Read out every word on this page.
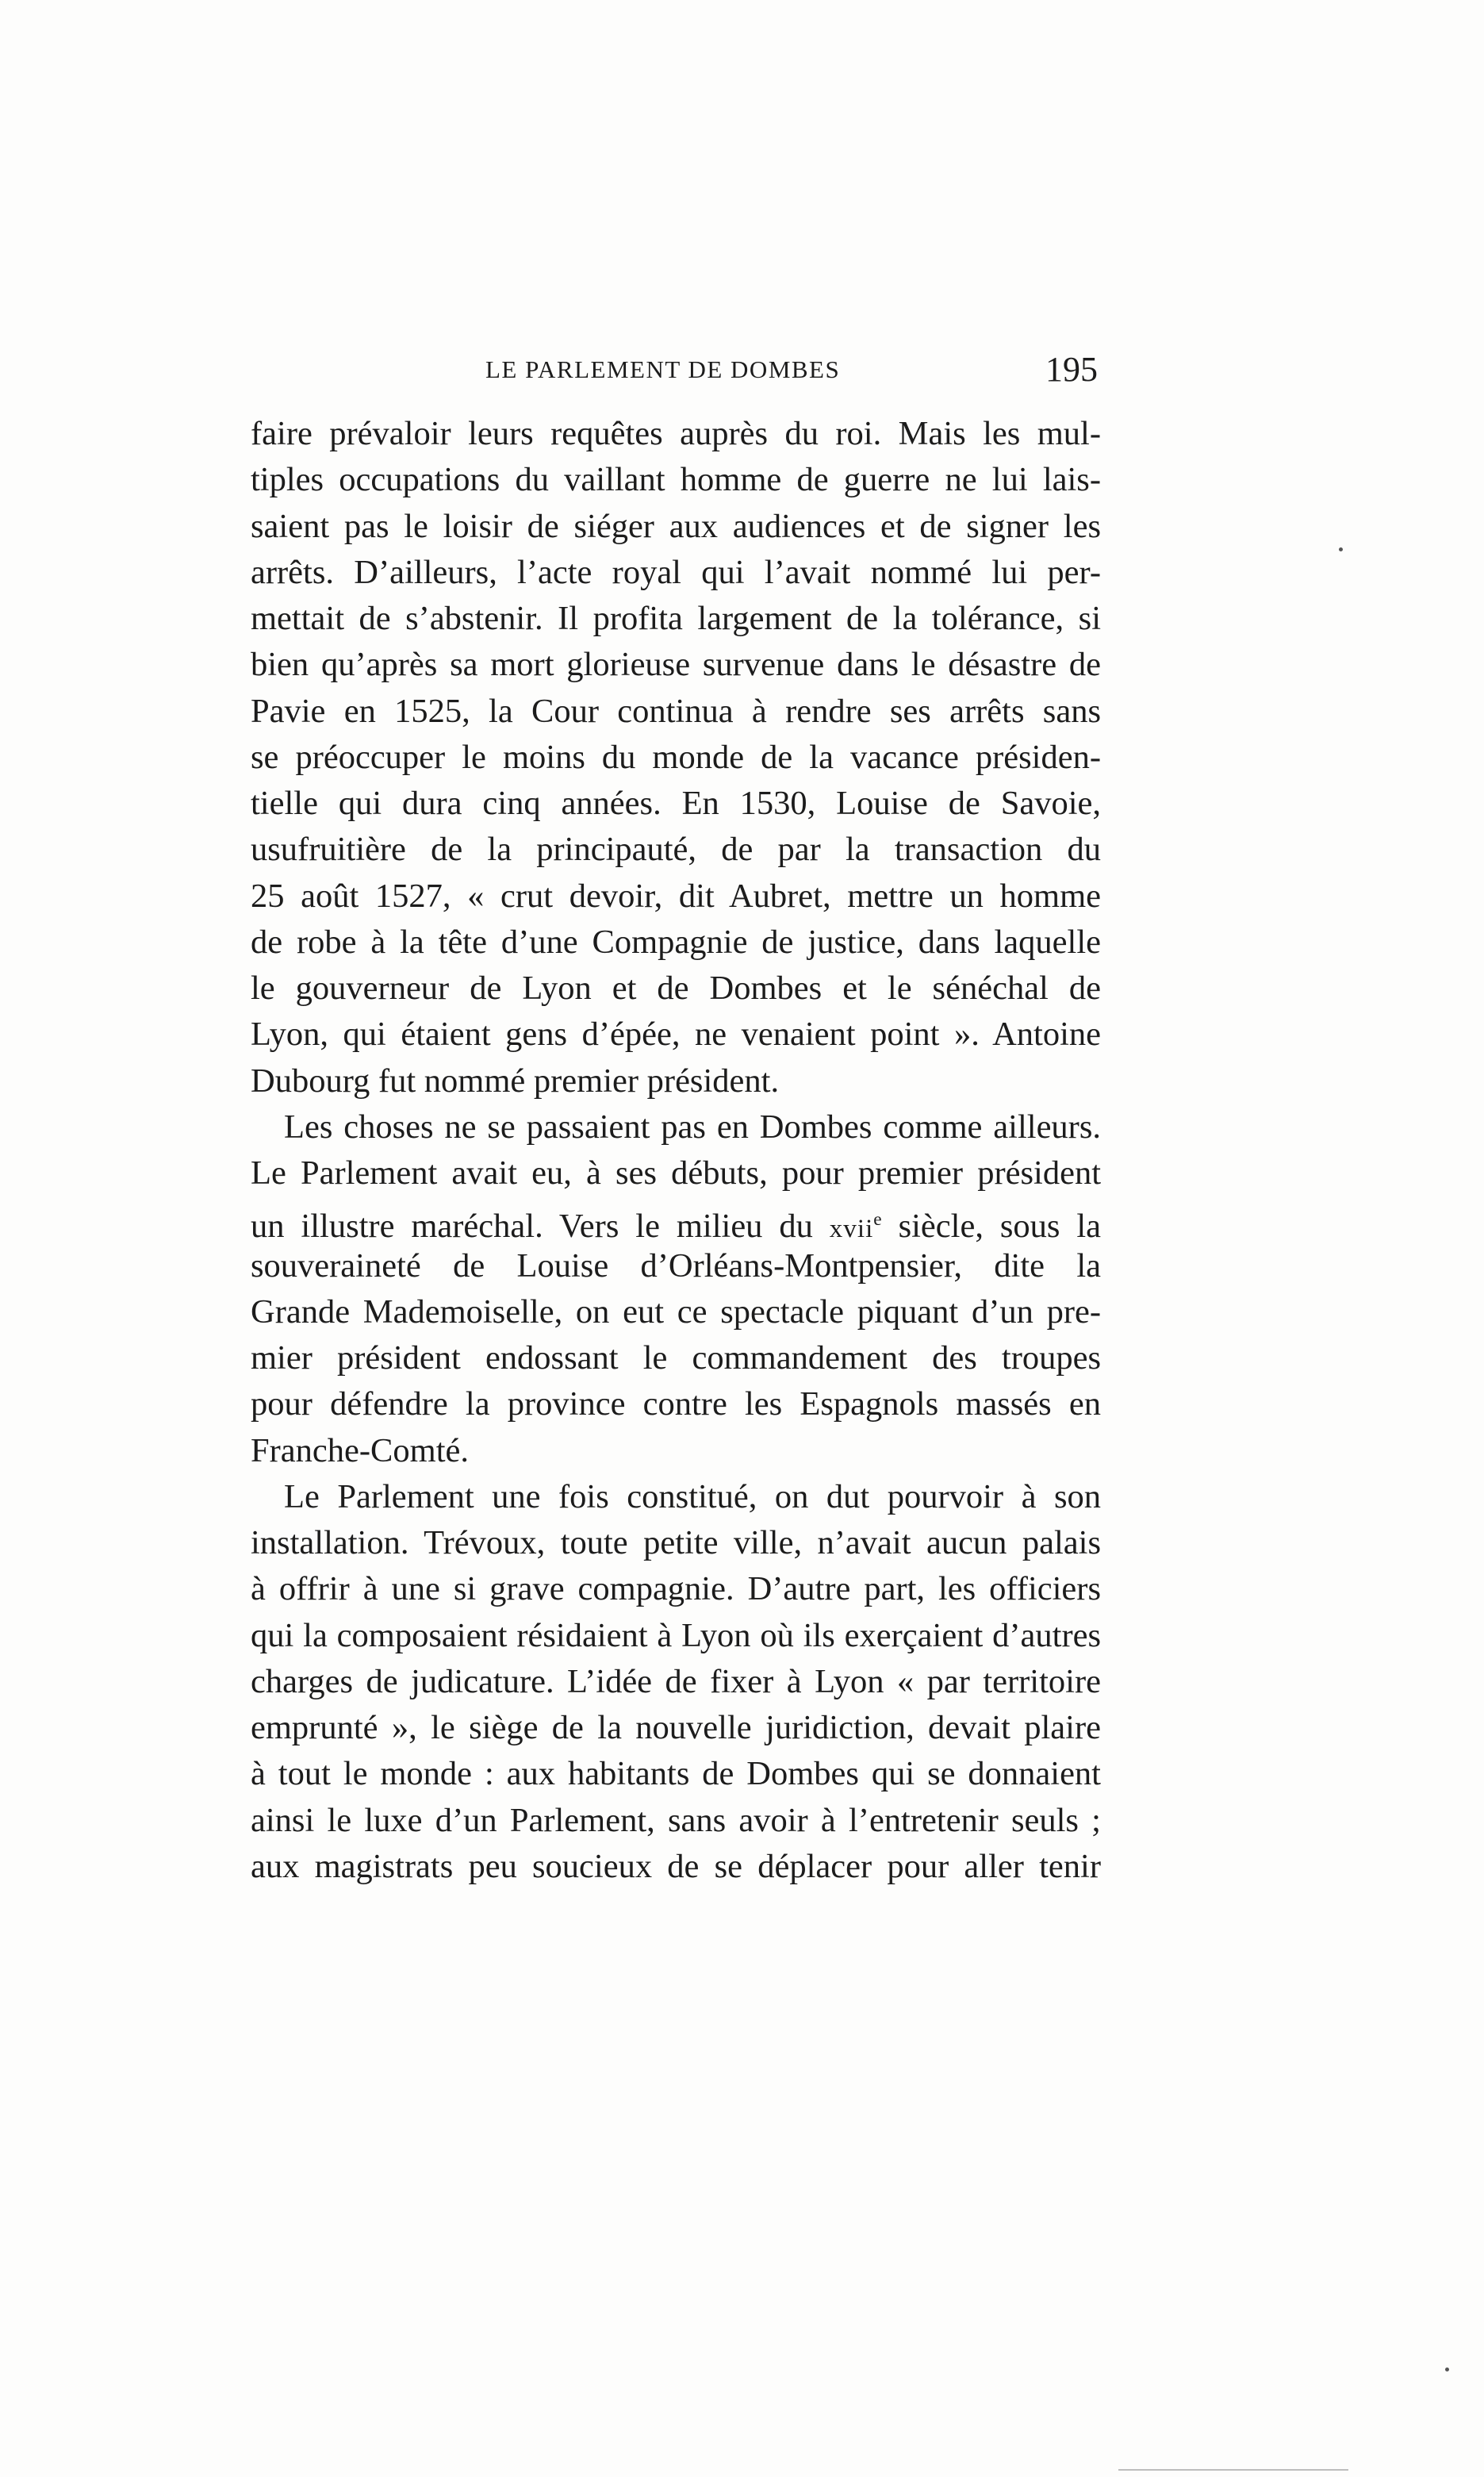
LE PARLEMENT DE DOMBES	195
faire prévaloir leurs requêtes auprès du roi. Mais les mul-
tiples occupations du vaillant homme de guerre ne lui lais-
saient pas le loisir de siéger aux audiences et de signer les
arrêts. D’ailleurs, l’acte royal qui l’avait nommé lui per-
mettait de s’abstenir. Il profita largement de la tolérance, si
bien qu’après sa mort glorieuse survenue dans le désastre de
Pavie en 1525, la Cour continua à rendre ses arrêts sans
se préoccuper le moins du monde de la vacance présiden-
tielle qui dura cinq années. En 1530, Louise de Savoie,
usufruitière de la principauté, de par la transaction du
25 août 1527, « crut devoir, dit Aubret, mettre un homme
de robe à la tête d’une Compagnie de justice, dans laquelle
le gouverneur de Lyon et de Dombes et le sénéchal de
Lyon, qui étaient gens d’épée, ne venaient point ». Antoine
Dubourg fut nommé premier président.
Les choses ne se passaient pas en Dombes comme ailleurs.
Le Parlement avait eu, à ses débuts, pour premier président
un illustre maréchal. Vers le milieu du xvii$^e$ siècle, sous la
souveraineté de Louise d’Orléans-Montpensier, dite la
Grande Mademoiselle, on eut ce spectacle piquant d’un pre-
mier président endossant le commandement des troupes
pour défendre la province contre les Espagnols massés en
Franche-Comté.
Le Parlement une fois constitué, on dut pourvoir à son
installation. Trévoux, toute petite ville, n’avait aucun palais
à offrir à une si grave compagnie. D’autre part, les officiers
qui la composaient résidaient à Lyon où ils exerçaient d’autres
charges de judicature. L’idée de fixer à Lyon « par territoire
emprunté », le siège de la nouvelle juridiction, devait plaire
à tout le monde : aux habitants de Dombes qui se donnaient
ainsi le luxe d’un Parlement, sans avoir à l’entretenir seuls ;
aux magistrats peu soucieux de se déplacer pour aller tenir
